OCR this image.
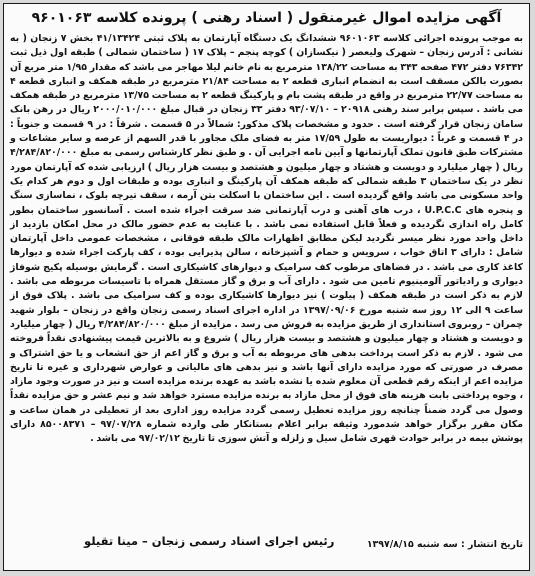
آگهی مزایده اموال غیرمنقول ( اسناد رهنی ) پرونده کلاسه ۹۶۰۱۰۶۳
به موجب پرونده اجرائی کلاسه ۹۶۰۱۰۶۳ ششدانگ یک دستگاه آپارتمان به پلاک ثبتی ۴۱/۱۳۴۲۴ بخش ۷ زنجان ( به نشانی : آدرس زنجان – شهرک ولیعصر ( نیکسازان ) کوچه پنجم – پلاک ۱۷ ( ساختمان شمالی ) طبقه اول ذیل ثبت ۷۶۳۴۲ دفتر ۴۷۲ صفحه ۳۴۳ به مساحت ۱۳۸/۲۲ مترمربع به نام خانم لیلا مهاجر می باشد که مقدار ۱/۹۵ متر مربع آن بصورت بالکن مسقف است به انضمام انباری قطعه ۲ به مساحت ۲۱/۸۴ مترمربع در طبقه همکف و انباری قطعه ۴ به مساحت ۲۲/۷۷ مترمربع در واقع در طبقه پشت بام و پارکینگ قطعه ۲ به مساحت ۱۳/۷۵ مترمربع در طبقه همکف می باشد . سپس برابر سند رهنی ۲۰۹۱۸ – ۹۳/۰۷/۱۰ دفتر ۳۳ زنجان در قبال مبلغ ۲۰۰۰/۰۱۰/۰۰۰ ریال در رهن بانک سامان زنجان قرار گرفته است . حدود و مشخصات پلاک مذکور: شمالاً در ۵ قسمت . شرقاً : در ۹ قسمت و جنوباً : در ۴ قسمت و غرباً : دیواریست به طول ۱۷/۵۹ متر به فضای ملک مجاور با قدر السهم از عرصه و سایر مشاعات و مشترکات طبق قانون تملک آپارتمانها و آیین نامه اجرایی آن . و طبق نظر کارشناس رسمی به مبلغ ۴/۲۸۴/۸۲۰/۰۰۰ ریال ( چهار میلیارد و دویست و هشتاد و چهار میلیون و هشتصد و بیست هزار ریال ) ارزیابی شده که آپارتمان مورد نظر در یک ساختمان ۳ طبقه شمالی که طبقه همکف آن پارکینگ و انباری بوده و طبقات اول و دوم هر کدام یک واحد مسکونی می باشد واقع گردیده است . این ساختمان با اسکلت بتن آرمه ، سقف تیرچه بلوک ، نماسازی سنگ و پنجره های U.P.C.C ، درب های آهنی و درب آپارتمانی ضد سرقت اجراء شده است . آسانسور ساختمان بطور کامل راه اندازی نگردیده و فعلاً قابل استفاده نمی باشد . با عنایت به عدم حضور مالک در محل امکان بازدید از داخل واحد مورد نظر میسر نگردید لیکن مطابق اظهارات مالک طبقه فوقانی ، مشخصات عمومی داخل آپارتمان شامل : دارای ۳ اتاق خواب ، سرویس و حمام و آشپزخانه ، سالن پذیرایی بوده ، کف پارکت اجراء شده و دیوارها کاغذ کاری می باشد . در فضاهای مرطوب کف سرامیک و دیوارهای کاشیکاری است . گرمایش بوسیله پکیج شوفاژ دیواری و رادیاتور آلومینیوم تامین می شود . دارای آب و برق و گاز مستقل همراه با تاسیسات مربوطه می باشد . لازم به ذکر است در طبقه همکف ( پیلوت ) نیز دیوارها کاشیکاری بوده و کف سرامیک می باشد . پلاک فوق از ساعت ۹ الی ۱۲ روز سه شنبه مورخ ۱۳۹۷/۰۹/۰۶ در اداره اجرای اسناد رسمی زنجان واقع در زنجان – بلوار شهید چمران – روبروی استانداری از طریق مزایده به فروش می رسد . مزایده از مبلغ ۴/۲۸۴/۸۲۰/۰۰۰ ریال ( چهار میلیارد و دویست و هشتاد و چهار میلیون و هشتصد و بیست هزار ریال ) شروع و به بالاترین قیمت پیشنهادی نقداً فروخته می شود . لازم به ذکر است پرداخت بدهی های مربوطه به آب و برق و گاز اعم از حق انشعاب و یا حق اشتراک و مصرف در صورتی که مورد مزایده دارای آنها باشد و نیز بدهی های مالیاتی و عوارض شهرداری و غیره تا تاریخ مزایده اعم از اینکه رقم قطعی آن معلوم شده یا نشده باشد به عهده برنده مزایده است و نیز در صورت وجود مازاد ، وجوه پرداختی بابت هزینه های فوق از محل مازاد به برنده مزایده مسترد خواهد شد و نیم عشر و حق مزایده نقداً وصول می گردد ضمناً چنانچه روز مزایده تعطیل رسمی گردد مزایده روز اداری بعد از تعطیلی در همان ساعت و مکان مقرر برگزار خواهد شدمورد وثیقه برابر اعلام بستانکار طی وارده شماره ۹۷/۰۷/۲۸ – ۸۵۰۰۸۳۷۱ دارای پوشش بیمه در برابر حوادث قهری شامل سیل و زلزله و آتش سوزی تا تاریخ ۹۷/۰۲/۱۲ می باشد .
تاریخ انتشار : سه شنبه ۱۳۹۷/۸/۱۵
رئیس اجرای اسناد رسمی زنجان – مینا تقیلو
